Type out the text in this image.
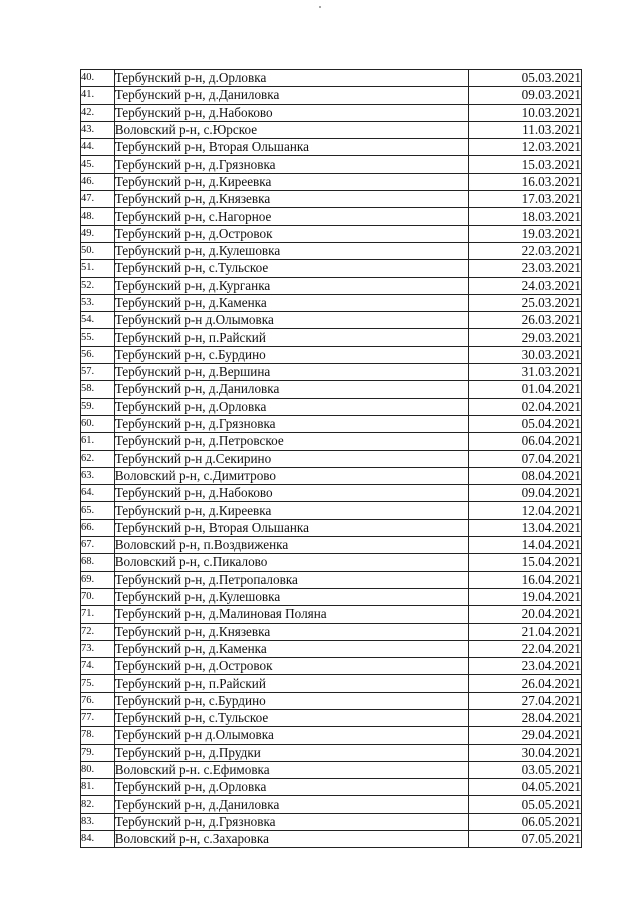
40.	Тербунский р-н, д.Орловка	05.03.2021
41.	Тербунский р-н, д.Даниловка	09.03.2021
42.	Тербунский р-н, д.Набоково	10.03.2021
43.	Воловский р-н, с.Юрское	11.03.2021
44.	Тербунский р-н, Вторая Ольшанка	12.03.2021
45.	Тербунский р-н, д.Грязновка	15.03.2021
46.	Тербунский р-н, д.Киреевка	16.03.2021
47.	Тербунский р-н, д.Князевка	17.03.2021
48.	Тербунский р-н, с.Нагорное	18.03.2021
49.	Тербунский р-н, д.Островок	19.03.2021
50.	Тербунский р-н, д.Кулешовка	22.03.2021
51.	Тербунский р-н, с.Тульское	23.03.2021
52.	Тербунский р-н, д.Курганка	24.03.2021
53.	Тербунский р-н, д.Каменка	25.03.2021
54.	Тербунский р-н д.Олымовка	26.03.2021
55.	Тербунский р-н, п.Райский	29.03.2021
56.	Тербунский р-н, с.Бурдино	30.03.2021
57.	Тербунский р-н, д.Вершина	31.03.2021
58.	Тербунский р-н, д.Даниловка	01.04.2021
59.	Тербунский р-н, д.Орловка	02.04.2021
60.	Тербунский р-н, д.Грязновка	05.04.2021
61.	Тербунский р-н, д.Петровское	06.04.2021
62.	Тербунский р-н д.Секирино	07.04.2021
63.	Воловский р-н, с.Димитрово	08.04.2021
64.	Тербунский р-н, д.Набоково	09.04.2021
65.	Тербунский р-н, д.Киреевка	12.04.2021
66.	Тербунский р-н, Вторая Ольшанка	13.04.2021
67.	Воловский р-н, п.Воздвиженка	14.04.2021
68.	Воловский р-н, с.Пикалово	15.04.2021
69.	Тербунский р-н, д.Петропаловка	16.04.2021
70.	Тербунский р-н, д.Кулешовка	19.04.2021
71.	Тербунский р-н, д.Малиновая Поляна	20.04.2021
72.	Тербунский р-н, д.Князевка	21.04.2021
73.	Тербунский р-н, д.Каменка	22.04.2021
74.	Тербунский р-н, д.Островок	23.04.2021
75.	Тербунский р-н, п.Райский	26.04.2021
76.	Тербунский р-н, с.Бурдино	27.04.2021
77.	Тербунский р-н, с.Тульское	28.04.2021
78.	Тербунский р-н д.Олымовка	29.04.2021
79.	Тербунский р-н, д.Прудки	30.04.2021
80.	Воловский р-н. с.Ефимовка	03.05.2021
81.	Тербунский р-н, д.Орловка	04.05.2021
82.	Тербунский р-н, д.Даниловка	05.05.2021
83.	Тербунский р-н, д.Грязновка	06.05.2021
84.	Воловский р-н, с.Захаровка	07.05.2021
